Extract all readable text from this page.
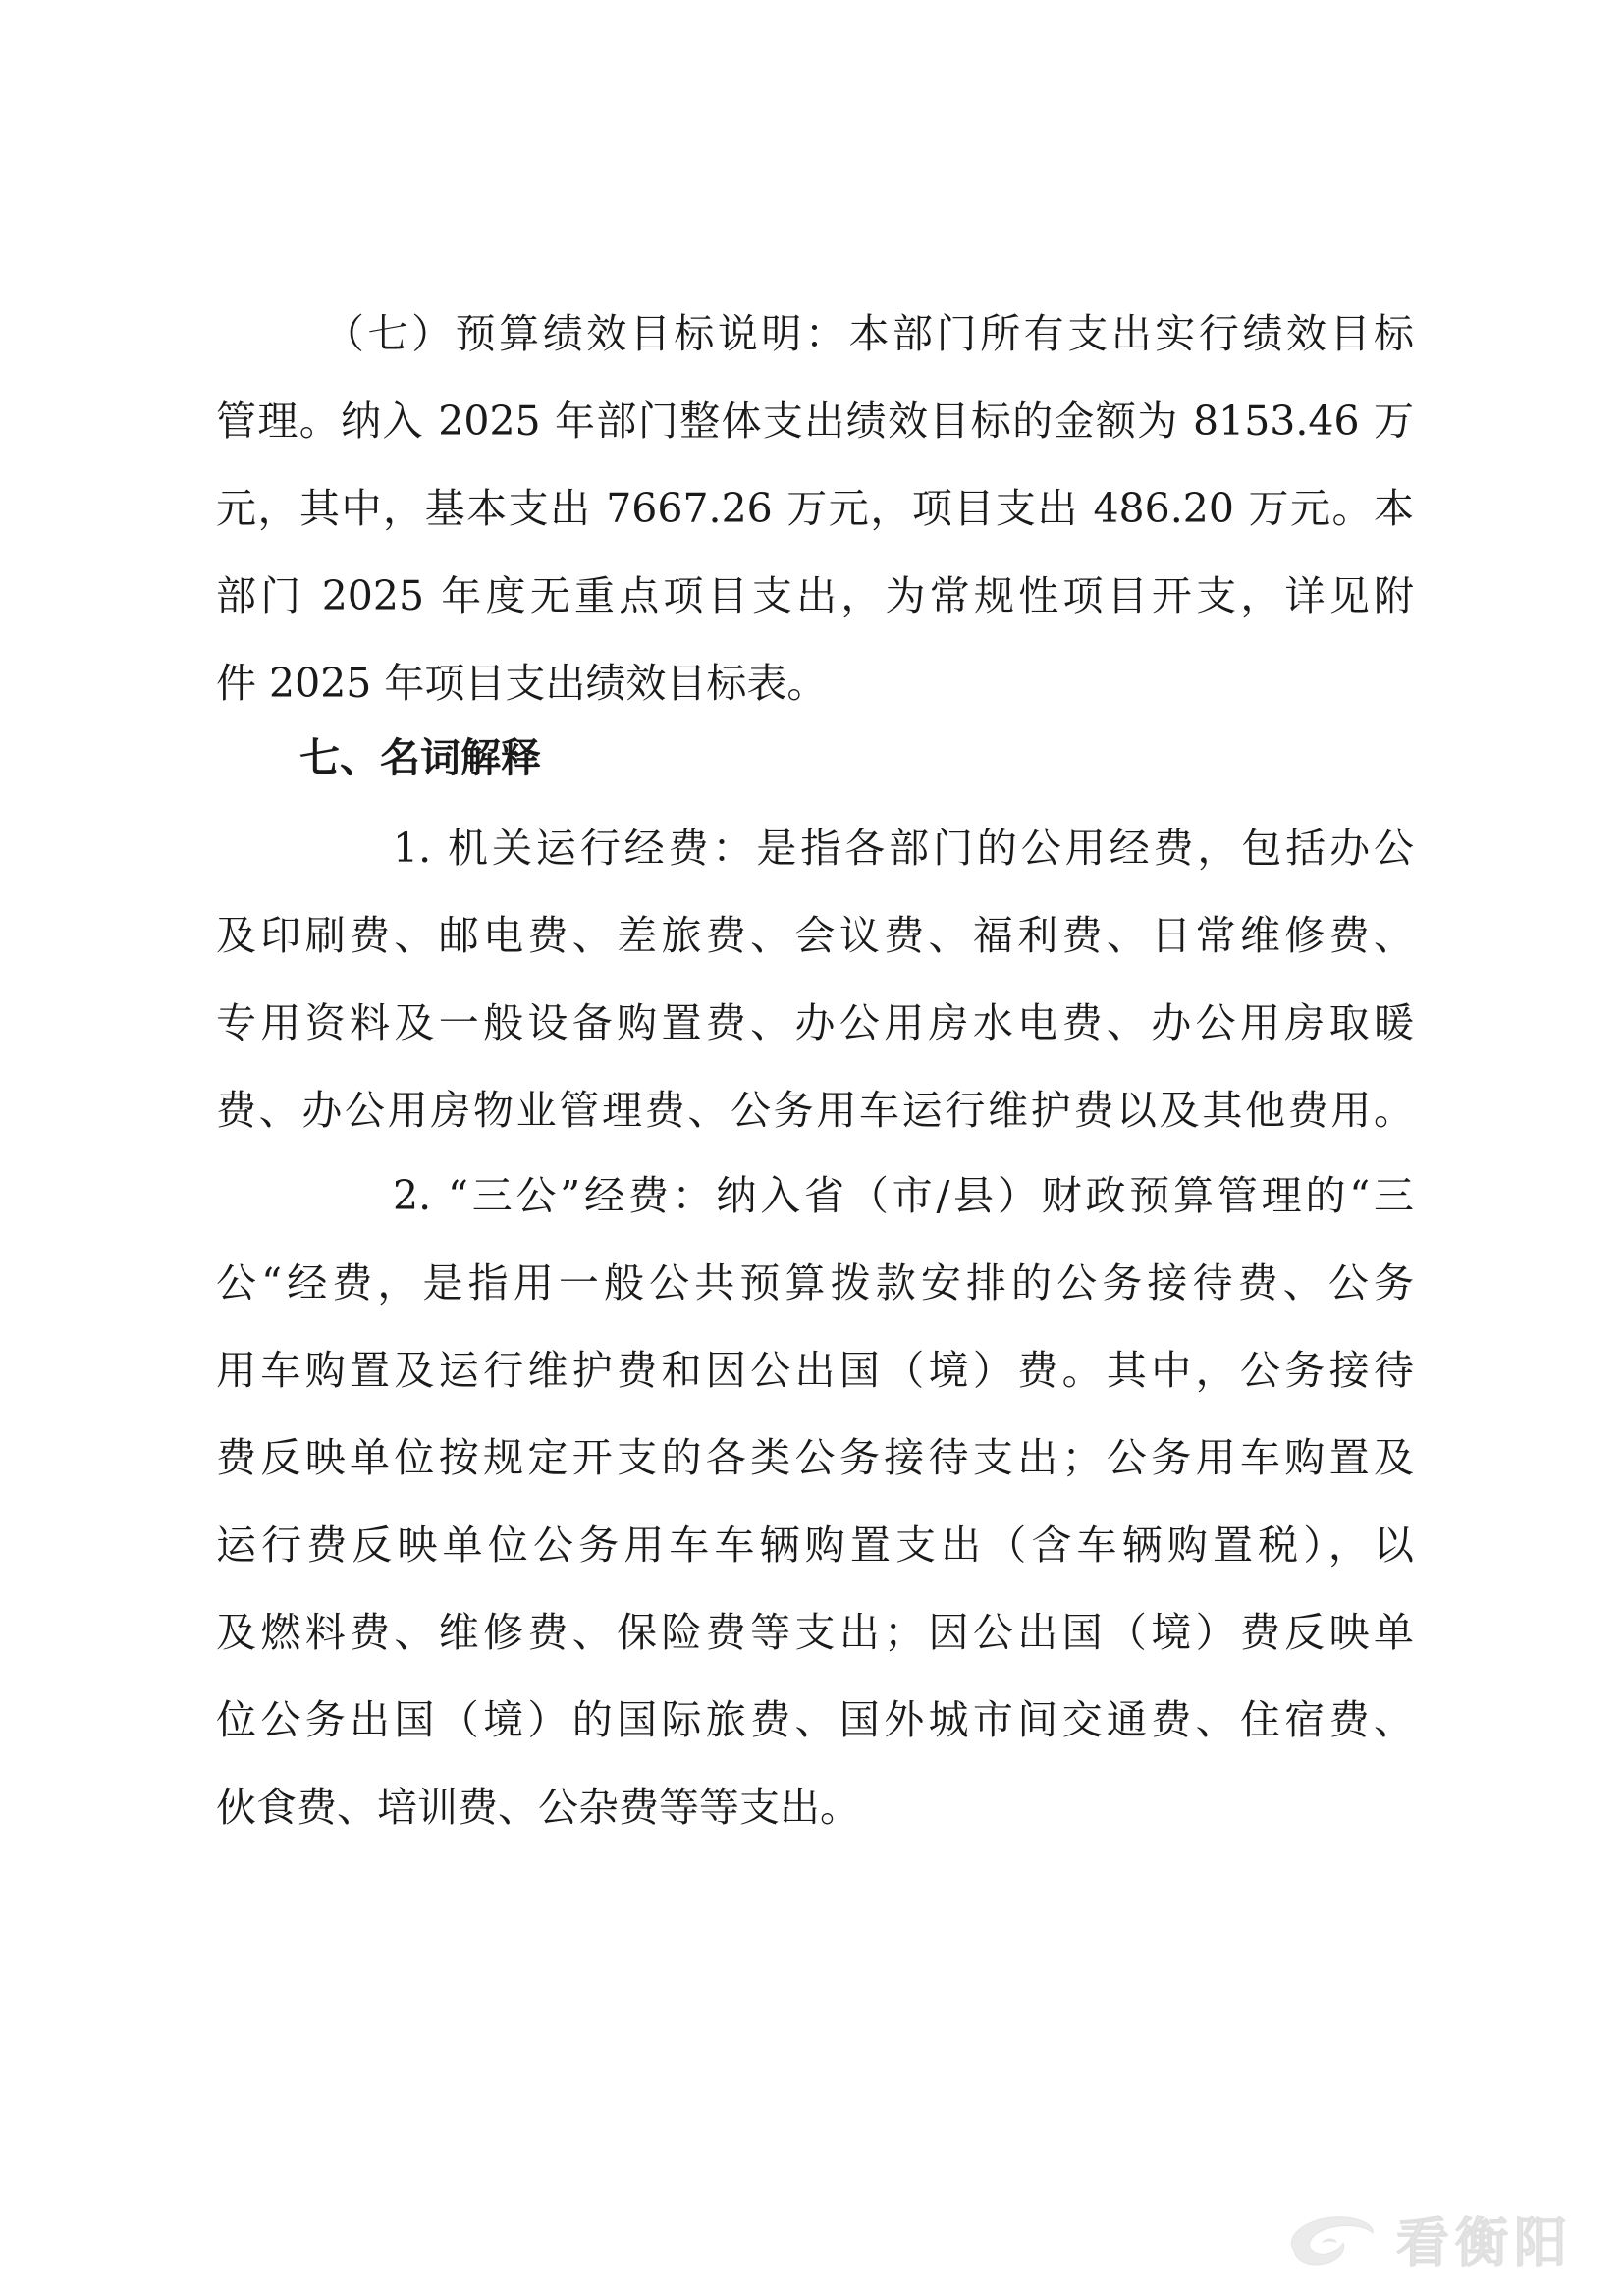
（七）预算绩效目标说明：本部门所有支出实行绩效目标
管理。纳入 2025 年部门整体支出绩效目标的金额为 8153.46 万
元，其中，基本支出 7667.26 万元，项目支出 486.20 万元。本
部门 2025 年度无重点项目支出，为常规性项目开支，详见附
件 2025 年项目支出绩效目标表。
七、名词解释
1. 机关运行经费：是指各部门的公用经费，包括办公
及印刷费、邮电费、差旅费、会议费、福利费、日常维修费、
专用资料及一般设备购置费、办公用房水电费、办公用房取暖
费、办公用房物业管理费、公务用车运行维护费以及其他费用。
2. “三公”经费：纳入省（市/县）财政预算管理的“三
公“经费，是指用一般公共预算拨款安排的公务接待费、公务
用车购置及运行维护费和因公出国（境）费。其中，公务接待
费反映单位按规定开支的各类公务接待支出；公务用车购置及
运行费反映单位公务用车车辆购置支出（含车辆购置税），以
及燃料费、维修费、保险费等支出；因公出国（境）费反映单
位公务出国（境）的国际旅费、国外城市间交通费、住宿费、
伙食费、培训费、公杂费等等支出。
看衡阳
